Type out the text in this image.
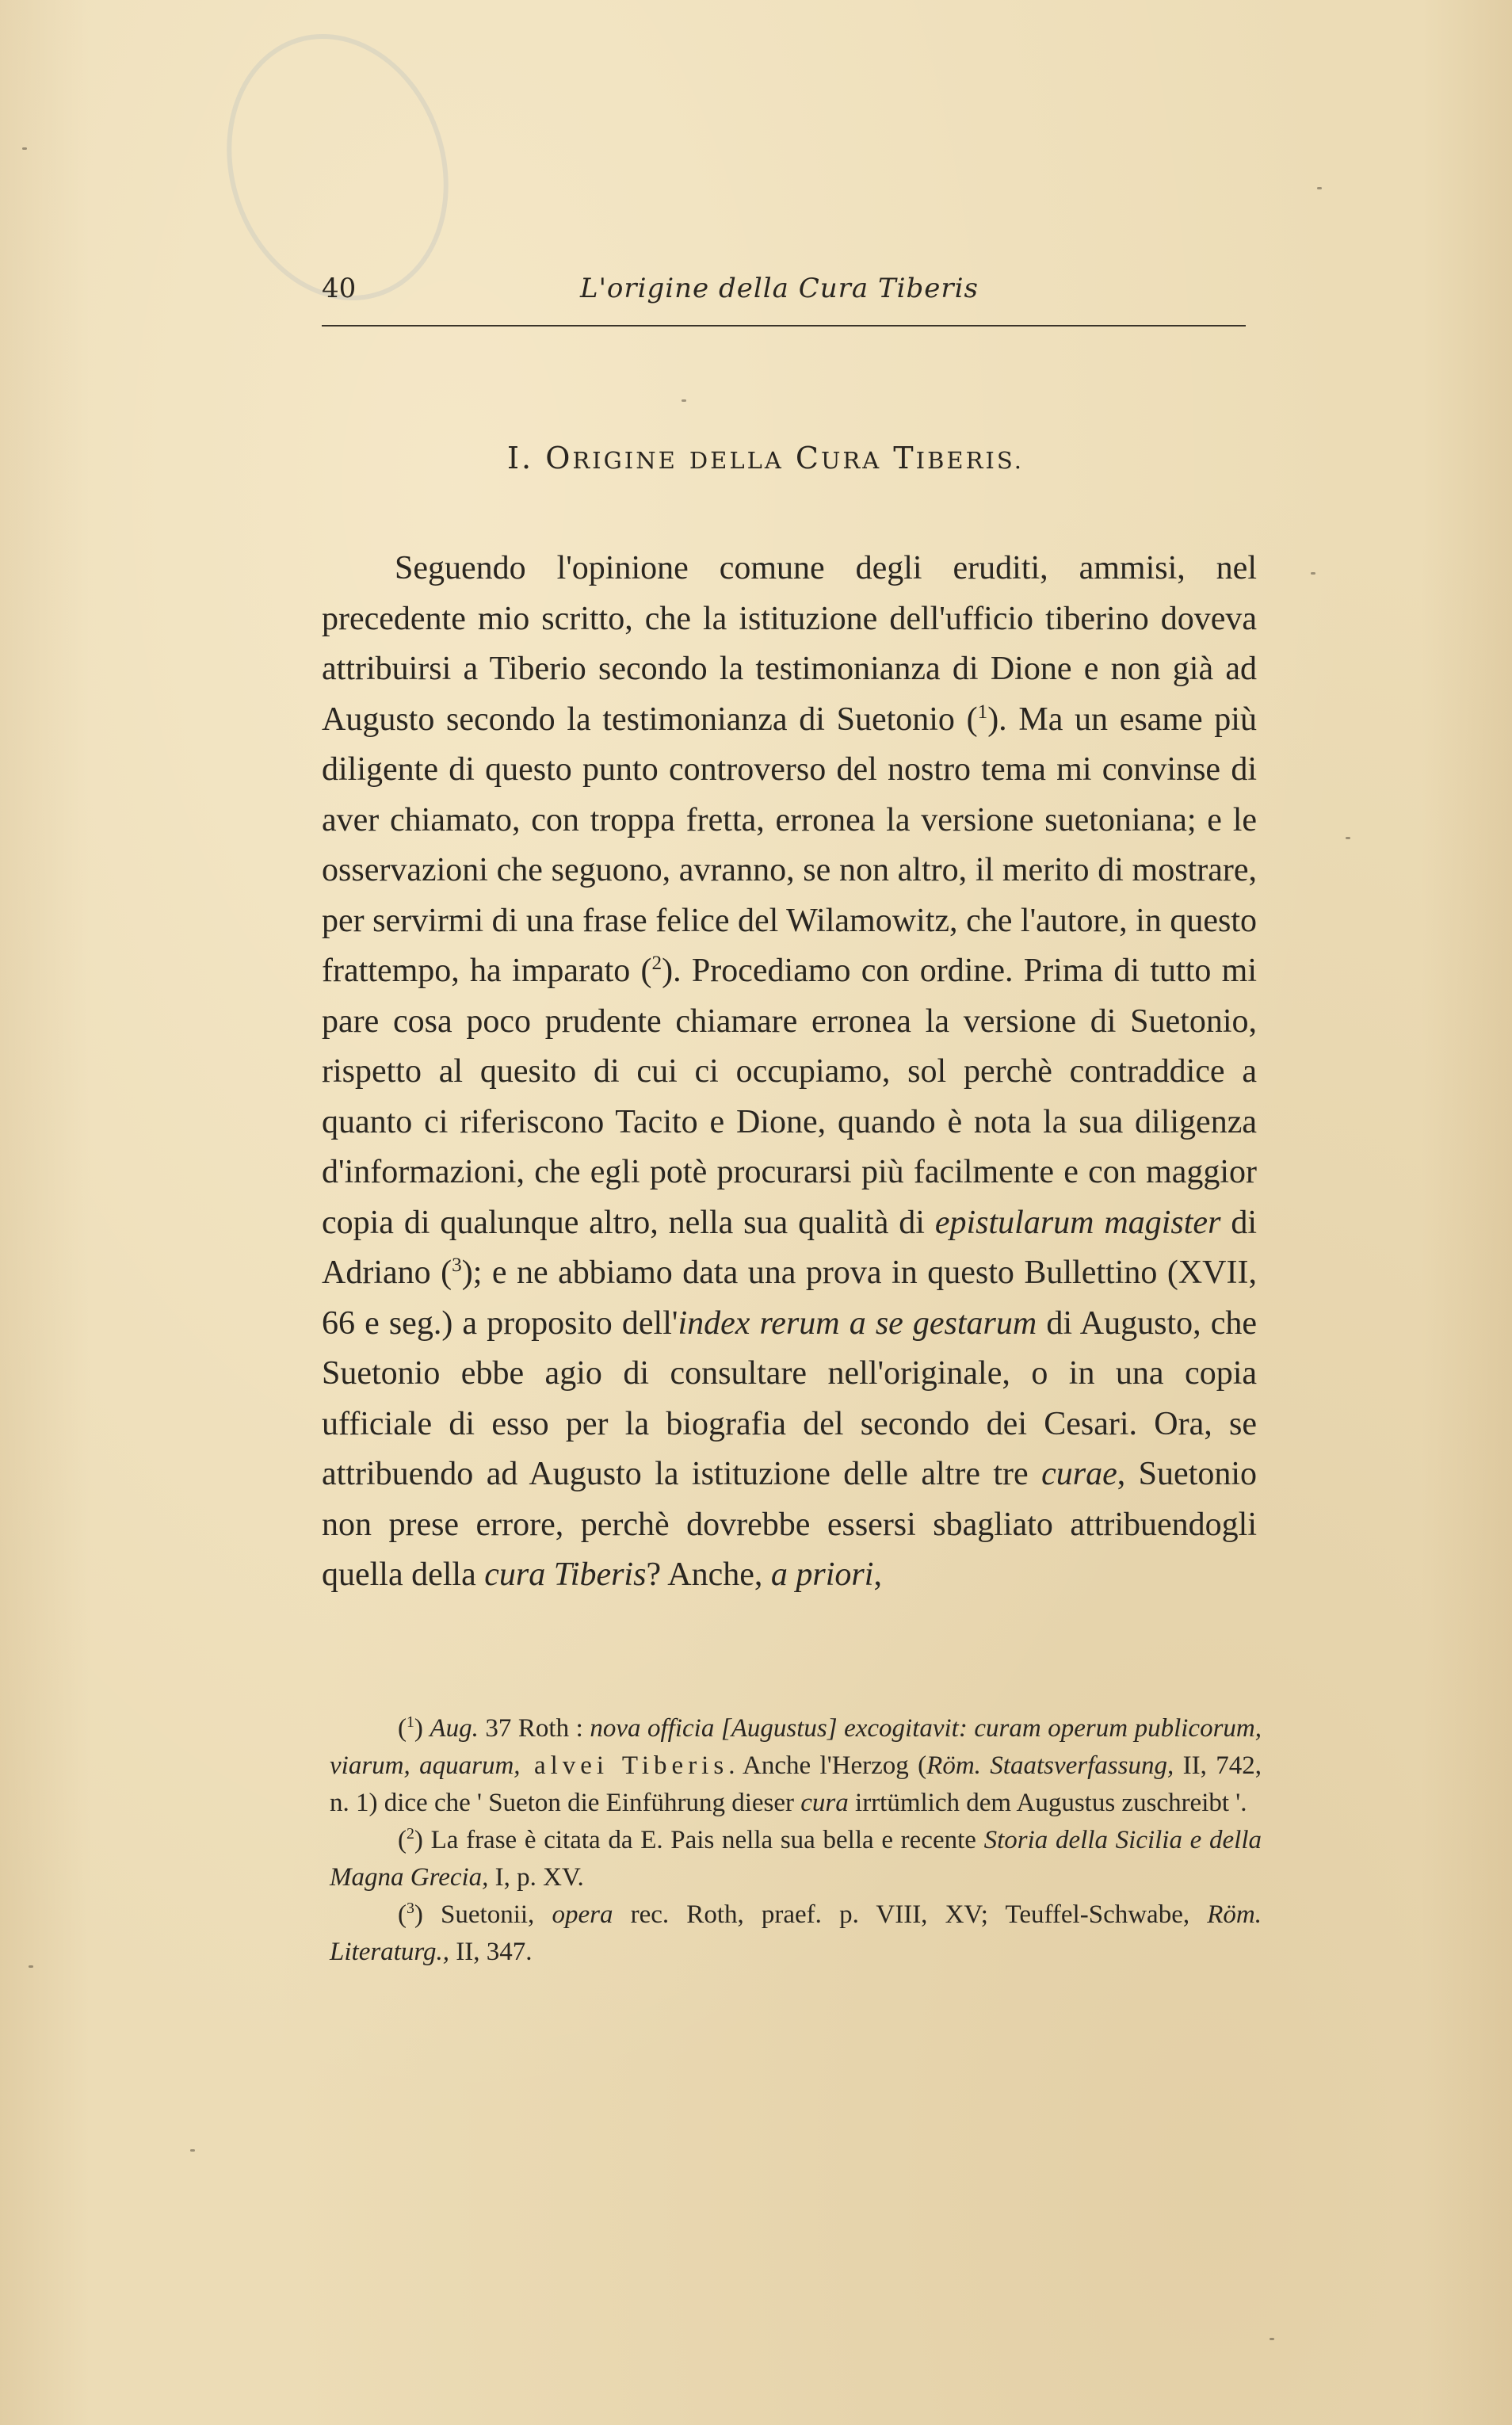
40	L'origine della Cura Tiberis
I. ORIGINE DELLA CURA TIBERIS.

Seguendo l'opinione comune degli eruditi, ammisi, nel precedente mio scritto, che la istituzione dell'ufficio tiberino doveva attribuirsi a Tiberio secondo la testimonianza di Dione e non già ad Augusto secondo la testimonianza di Suetonio ($^1$). Ma un esame più diligente di questo punto controverso del nostro tema mi convinse di aver chiamato, con troppa fretta, erronea la versione suetoniana; e le osservazioni che seguono, avranno, se non altro, il merito di mostrare, per servirmi di una frase felice del Wilamowitz, che l'autore, in questo frattempo, ha imparato ($^2$). Procediamo con ordine. Prima di tutto mi pare cosa poco prudente chiamare erronea la versione di Suetonio, rispetto al quesito di cui ci occupiamo, sol perchè contraddice a quanto ci riferiscono Tacito e Dione, quando è nota la sua diligenza d'informazioni, che egli potè procurarsi più facilmente e con maggior copia di qualunque altro, nella sua qualità di epistularum magister di Adriano ($^3$); e ne abbiamo data una prova in questo Bullettino (XVII, 66 e seg.) a proposito dell'index rerum a se gestarum di Augusto, che Suetonio ebbe agio di consultare nell'originale, o in una copia ufficiale di esso per la biografia del secondo dei Cesari. Ora, se attribuendo ad Augusto la istituzione delle altre tre curae, Suetonio non prese errore, perchè dovrebbe essersi sbagliato attribuendogli quella della cura Tiberis? Anche, a priori,

($^1$) Aug. 37 Roth : nova officia [Augustus] excogitavit: curam operum publicorum, viarum, aquarum, alvei Tiberis. Anche l'Herzog (Röm. Staatsverfassung, II, 742, n. 1) dice che ' Sueton die Einführung dieser cura irrtümlich dem Augustus zuschreibt '.

($^2$) La frase è citata da E. Pais nella sua bella e recente Storia della Sicilia e della Magna Grecia, I, p. XV.

($^3$) Suetonii, opera rec. Roth, praef. p. VIII, XV; Teuffel-Schwabe, Röm. Literaturg., II, 347.
